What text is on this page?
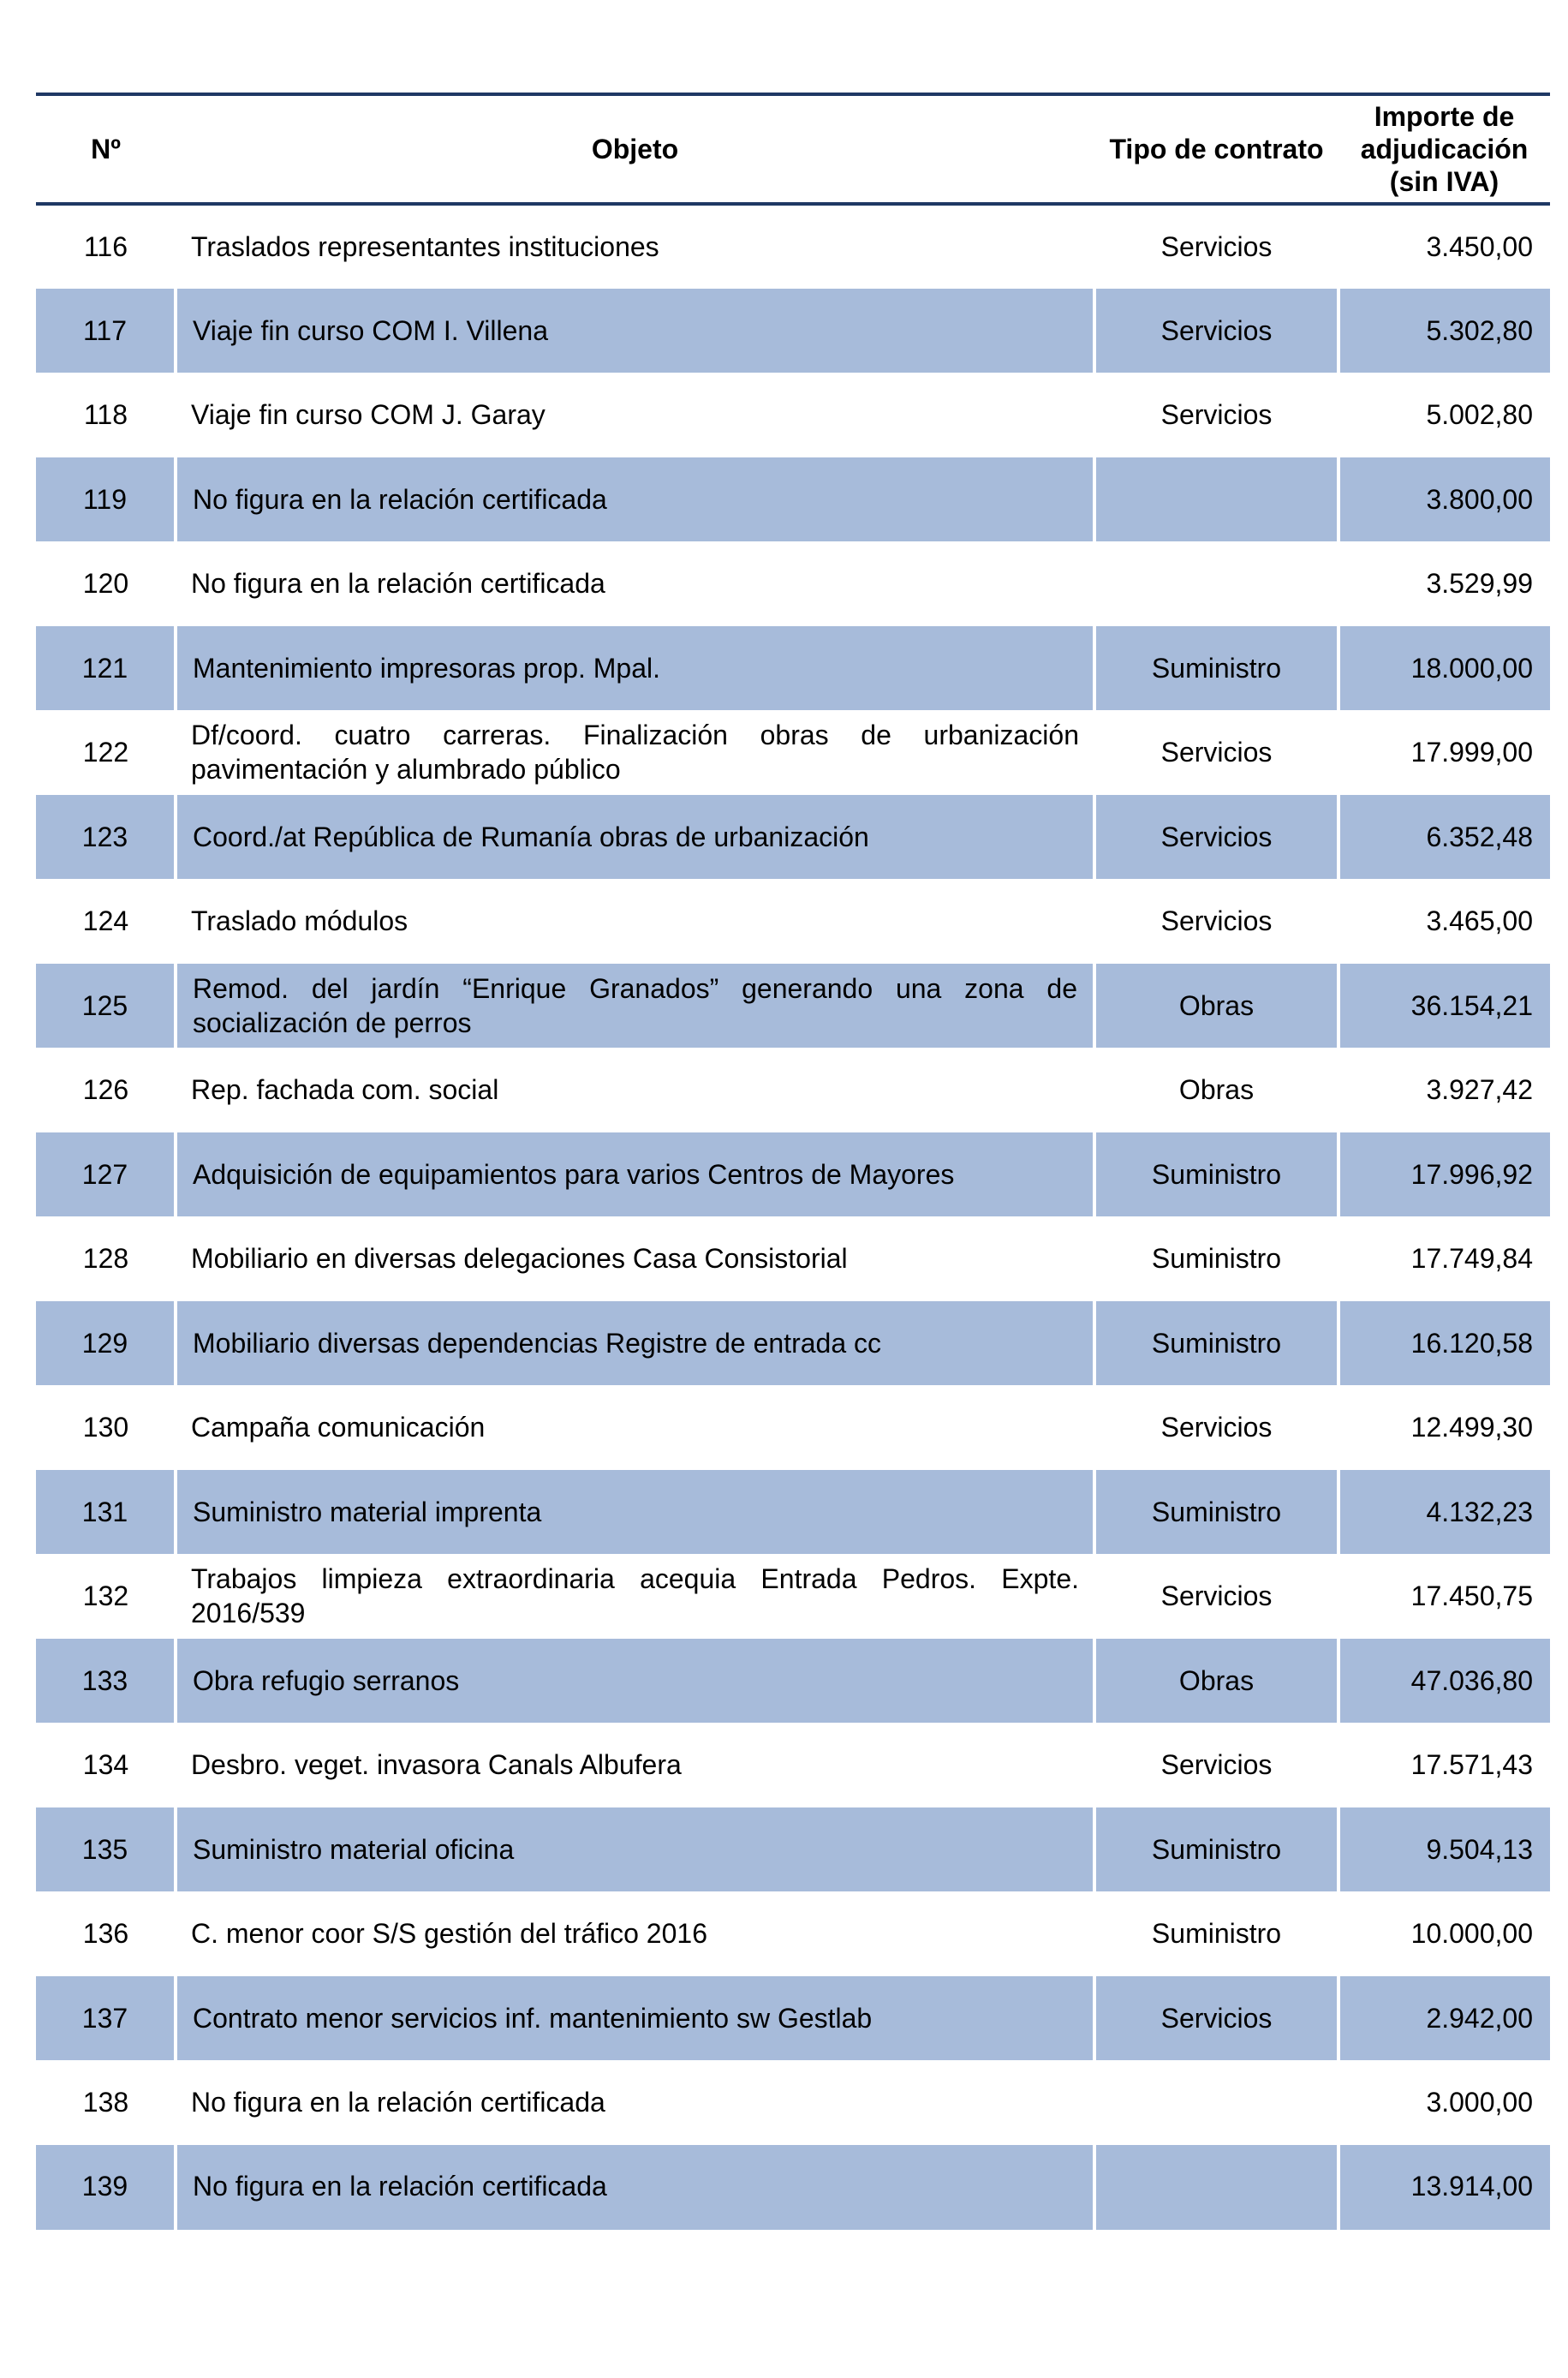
Nº	Objeto	Tipo de contrato	Importe de adjudicación (sin IVA)
116	Traslados representantes instituciones	Servicios	3.450,00
117	Viaje fin curso COM I. Villena	Servicios	5.302,80
118	Viaje fin curso COM J. Garay	Servicios	5.002,80
119	No figura en la relación certificada		3.800,00
120	No figura en la relación certificada		3.529,99
121	Mantenimiento impresoras prop. Mpal.	Suministro	18.000,00
122	Df/coord. cuatro carreras. Finalización obras de urbanización pavimentación y alumbrado público	Servicios	17.999,00
123	Coord./at República de Rumanía obras de urbanización	Servicios	6.352,48
124	Traslado módulos	Servicios	3.465,00
125	Remod. del jardín “Enrique Granados” generando una zona de socialización de perros	Obras	36.154,21
126	Rep. fachada com. social	Obras	3.927,42
127	Adquisición de equipamientos para varios Centros de Mayores	Suministro	17.996,92
128	Mobiliario en diversas delegaciones Casa Consistorial	Suministro	17.749,84
129	Mobiliario diversas dependencias Registre de entrada cc	Suministro	16.120,58
130	Campaña comunicación	Servicios	12.499,30
131	Suministro material imprenta	Suministro	4.132,23
132	Trabajos limpieza extraordinaria acequia Entrada Pedros. Expte. 2016/539	Servicios	17.450,75
133	Obra refugio serranos	Obras	47.036,80
134	Desbro. veget. invasora Canals Albufera	Servicios	17.571,43
135	Suministro material oficina	Suministro	9.504,13
136	C. menor coor S/S gestión del tráfico 2016	Suministro	10.000,00
137	Contrato menor servicios inf. mantenimiento sw Gestlab	Servicios	2.942,00
138	No figura en la relación certificada		3.000,00
139	No figura en la relación certificada		13.914,00
